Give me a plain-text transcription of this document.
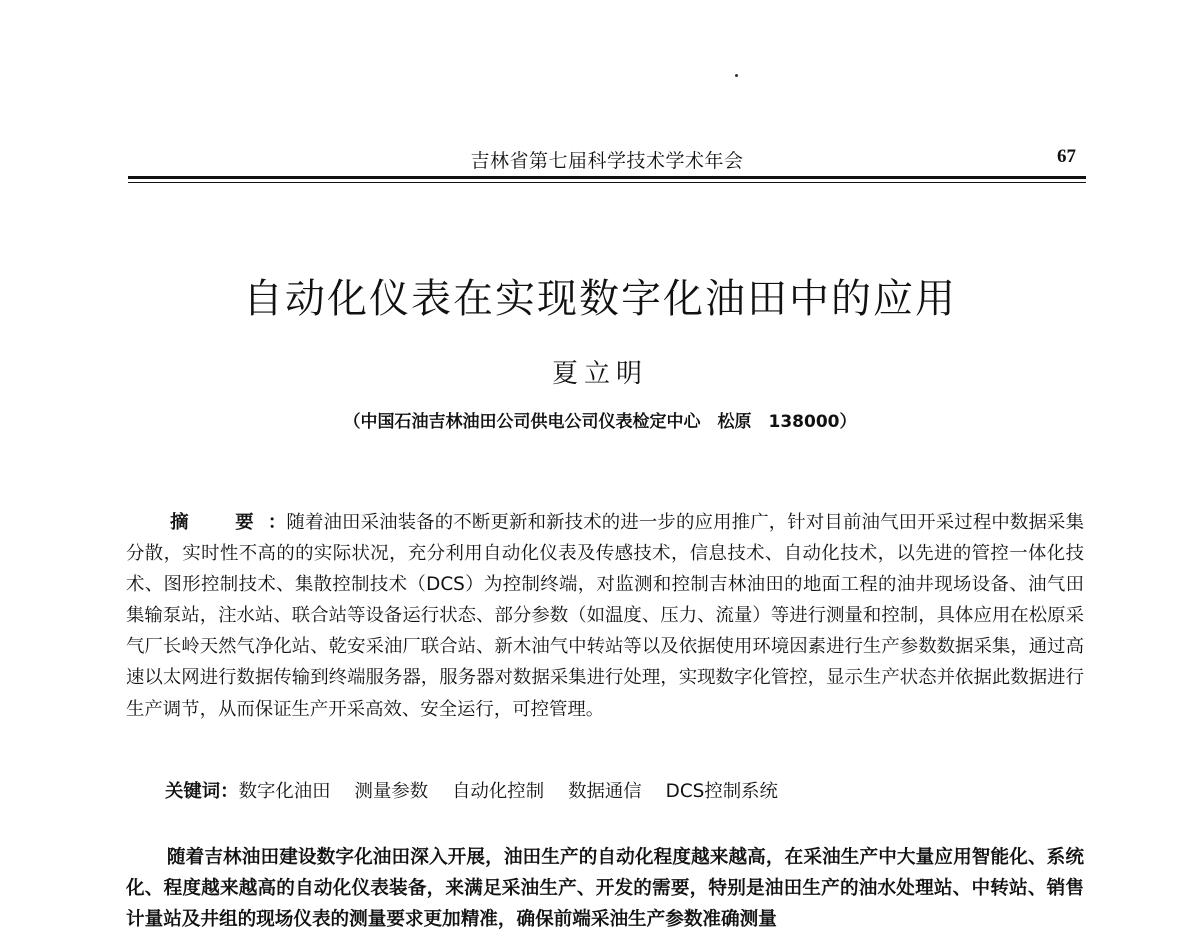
吉林省第七届科学技术学术年会	67
自动化仪表在实现数字化油田中的应用
夏立明
（中国石油吉林油田公司供电公司仪表检定中心　松原　138000）
摘　要：随着油田采油装备的不断更新和新技术的进一步的应用推广，针对目前油气田开采过程中数据采集分散，实时性不高的的实际状况，充分利用自动化仪表及传感技术，信息技术、自动化技术，以先进的管控一体化技术、图形控制技术、集散控制技术（DCS）为控制终端，对监测和控制吉林油田的地面工程的油井现场设备、油气田集输泵站，注水站、联合站等设备运行状态、部分参数（如温度、压力、流量）等进行测量和控制，具体应用在松原采气厂长岭天然气净化站、乾安采油厂联合站、新木油气中转站等以及依据使用环境因素进行生产参数数据采集，通过高速以太网进行数据传输到终端服务器，服务器对数据采集进行处理，实现数字化管控，显示生产状态并依据此数据进行生产调节，从而保证生产开采高效、安全运行，可控管理。
关键词：数字化油田 测量参数 自动化控制 数据通信 DCS控制系统
随着吉林油田建设数字化油田深入开展，油田生产的自动化程度越来越高，在采油生产中大量应用智能化、系统化、程度越来越高的自动化仪表装备，来满足采油生产、开发的需要，特别是油田生产的油水处理站、中转站、销售计量站及井组的现场仪表的测量要求更加精准，确保前端采油生产参数准确测量
